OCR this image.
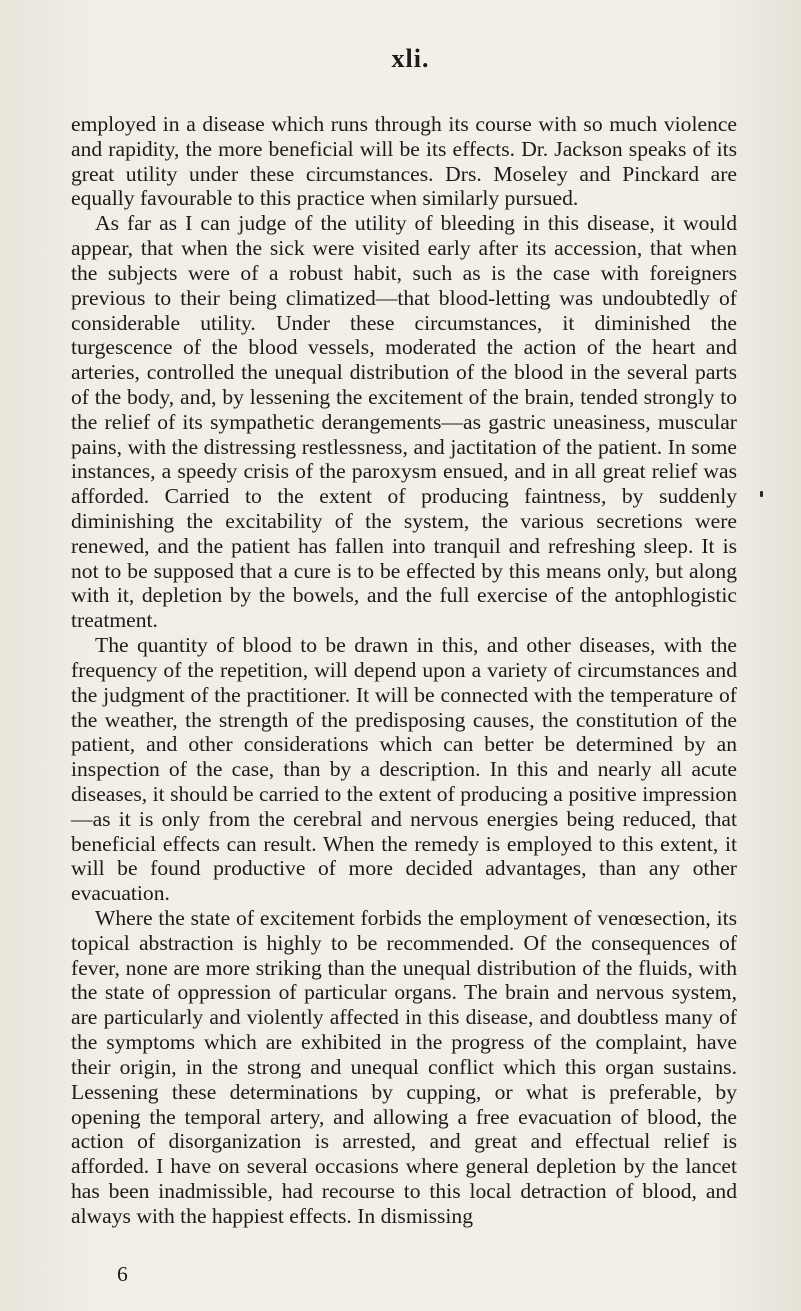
xli.

employed in a disease which runs through its course with so much violence and rapidity, the more beneficial will be its effects. Dr. Jackson speaks of its great utility under these circumstances. Drs. Moseley and Pinckard are equally favourable to this practice when similarly pursued.

As far as I can judge of the utility of bleeding in this disease, it would appear, that when the sick were visited early after its accession, that when the subjects were of a robust habit, such as is the case with foreigners previous to their being climatized—that blood-letting was undoubtedly of considerable utility. Under these circumstances, it diminished the turgescence of the blood vessels, moderated the action of the heart and arteries, controlled the unequal distribution of the blood in the several parts of the body, and, by lessening the excitement of the brain, tended strongly to the relief of its sympathetic derangements—as gastric uneasiness, muscular pains, with the distressing restlessness, and jactitation of the patient. In some instances, a speedy crisis of the paroxysm ensued, and in all great relief was afforded. Carried to the extent of producing faintness, by suddenly diminishing the excitability of the system, the various secretions were renewed, and the patient has fallen into tranquil and refreshing sleep. It is not to be supposed that a cure is to be effected by this means only, but along with it, depletion by the bowels, and the full exercise of the antophlogistic treatment.

The quantity of blood to be drawn in this, and other diseases, with the frequency of the repetition, will depend upon a variety of circumstances and the judgment of the practitioner. It will be connected with the temperature of the weather, the strength of the predisposing causes, the constitution of the patient, and other considerations which can better be determined by an inspection of the case, than by a description. In this and nearly all acute diseases, it should be carried to the extent of producing a positive impression—as it is only from the cerebral and nervous energies being reduced, that beneficial effects can result. When the remedy is employed to this extent, it will be found productive of more decided advantages, than any other evacuation.

Where the state of excitement forbids the employment of venœsection, its topical abstraction is highly to be recommended. Of the consequences of fever, none are more striking than the unequal distribution of the fluids, with the state of oppression of particular organs. The brain and nervous system, are particularly and violently affected in this disease, and doubtless many of the symptoms which are exhibited in the progress of the complaint, have their origin, in the strong and unequal conflict which this organ sustains. Lessening these determinations by cupping, or what is preferable, by opening the temporal artery, and allowing a free evacuation of blood, the action of disorganization is arrested, and great and effectual relief is afforded. I have on several occasions where general depletion by the lancet has been inadmissible, had recourse to this local detraction of blood, and always with the happiest effects. In dismissing

6
